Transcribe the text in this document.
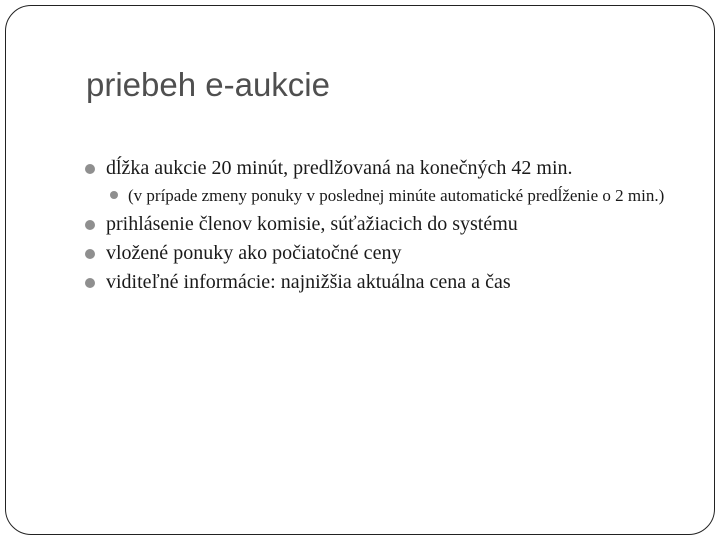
priebeh e-aukcie
dĺžka aukcie 20 minút, predlžovaná na konečných 42 min.
(v prípade zmeny ponuky v poslednej minúte automatické predĺženie o 2 min.)
prihlásenie členov komisie, súťažiacich do systému
vložené ponuky ako počiatočné ceny
viditeľné informácie: najnižšia aktuálna cena a čas
